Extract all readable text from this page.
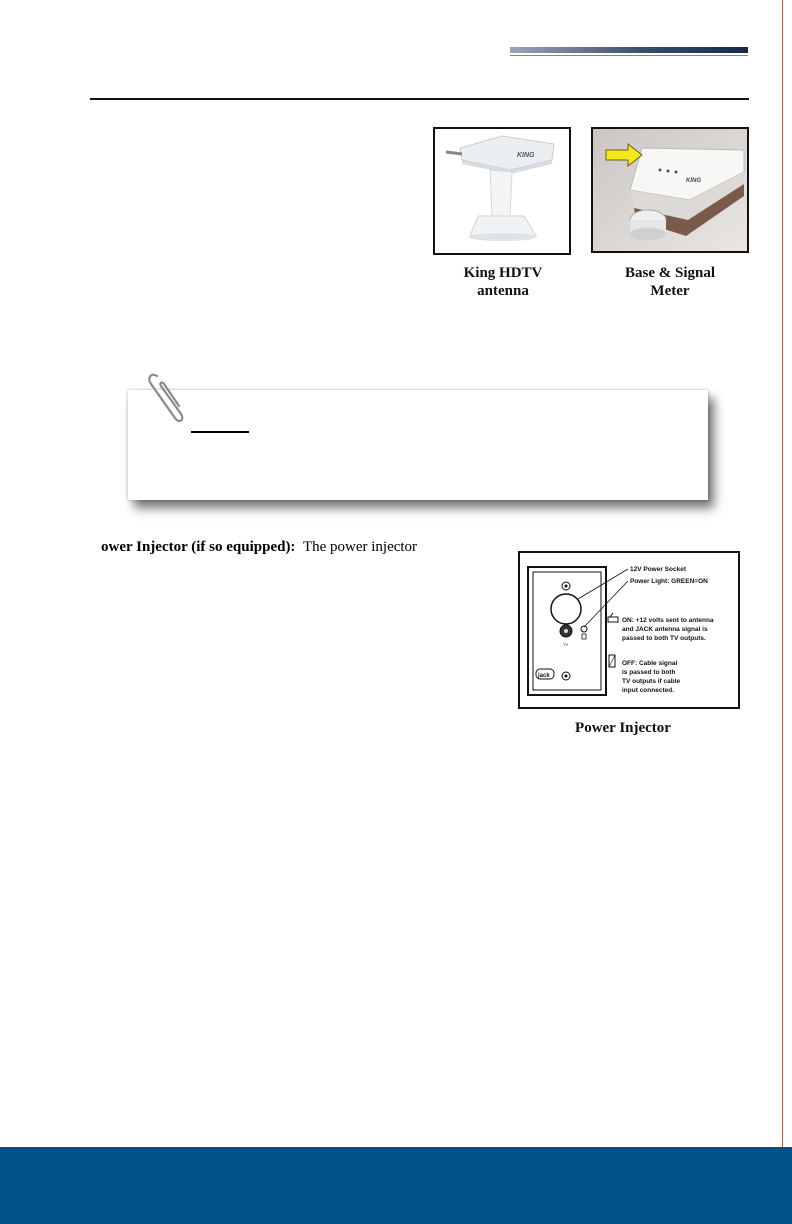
KING
King HDTV
antenna
KING
Base & Signal
Meter
ower Injector (if so equipped): The power injector
TV
jack
12V Power Socket
Power Light: GREEN=ON
ON: +12 volts sent to antenna
and JACK antenna signal is
passed to both TV outputs.
OFF: Cable signal
is passed to both
TV outputs if cable
input connected.
Power Injector
